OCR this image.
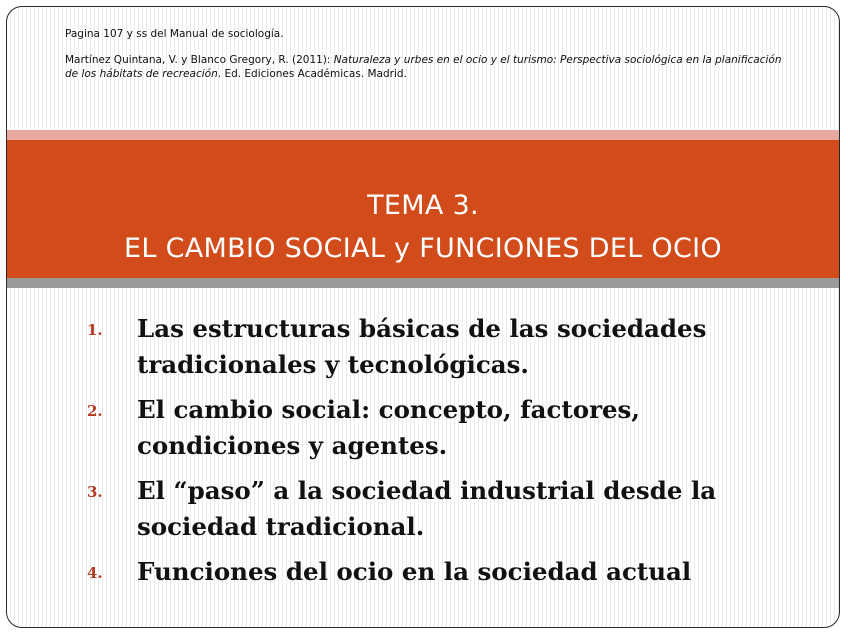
Pagina 107 y ss del Manual de sociología.

Martínez Quintana, V. y Blanco Gregory, R. (2011): Naturaleza y urbes en el ocio y el turismo: Perspectiva sociológica en la planificación de los hábitats de recreación. Ed. Ediciones Académicas. Madrid.

TEMA 3.
EL CAMBIO SOCIAL y FUNCIONES DEL OCIO
1. Las estructuras básicas de las sociedades tradicionales y tecnológicas.
2. El cambio social: concepto, factores, condiciones y agentes.
3. El “paso” a la sociedad industrial desde la sociedad tradicional.
4. Funciones del ocio en la sociedad actual
